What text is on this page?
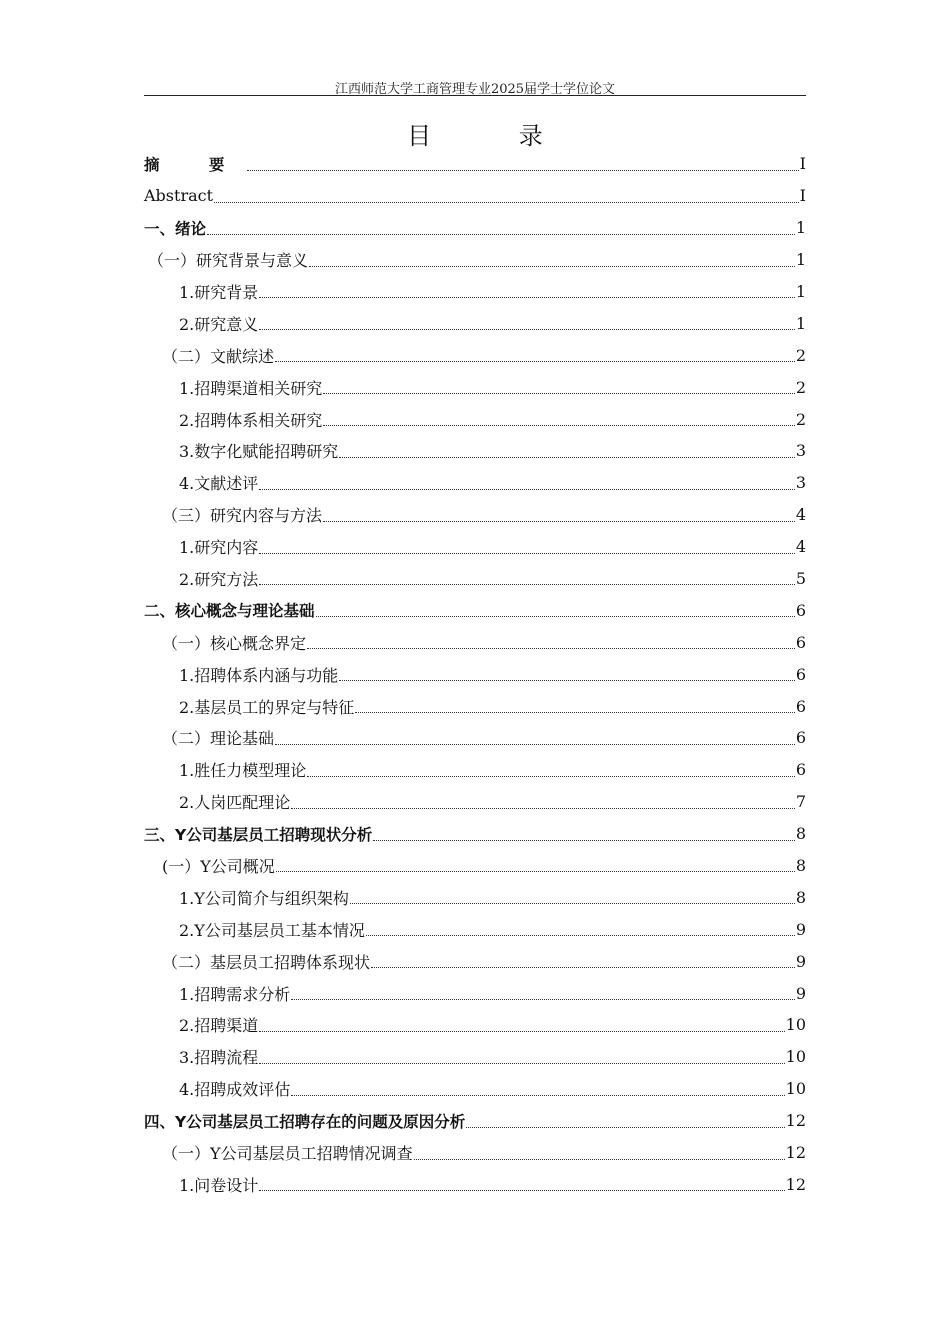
江西师范大学工商管理专业2025届学士学位论文
目 录
摘 要	I
Abstract	I
一、绪论	1
（一）研究背景与意义	1
1.研究背景	1
2.研究意义	1
（二）文献综述	2
1.招聘渠道相关研究	2
2.招聘体系相关研究	2
3.数字化赋能招聘研究	3
4.文献述评	3
（三）研究内容与方法	4
1.研究内容	4
2.研究方法	5
二、核心概念与理论基础	6
（一）核心概念界定	6
1.招聘体系内涵与功能	6
2.基层员工的界定与特征	6
（二）理论基础	6
1.胜任力模型理论	6
2.人岗匹配理论	7
三、Y公司基层员工招聘现状分析	8
(一）Y公司概况	8
1.Y公司简介与组织架构	8
2.Y公司基层员工基本情况	9
（二）基层员工招聘体系现状	9
1.招聘需求分析	9
2.招聘渠道	10
3.招聘流程	10
4.招聘成效评估	10
四、Y公司基层员工招聘存在的问题及原因分析	12
（一）Y公司基层员工招聘情况调查	12
1.问卷设计	12
